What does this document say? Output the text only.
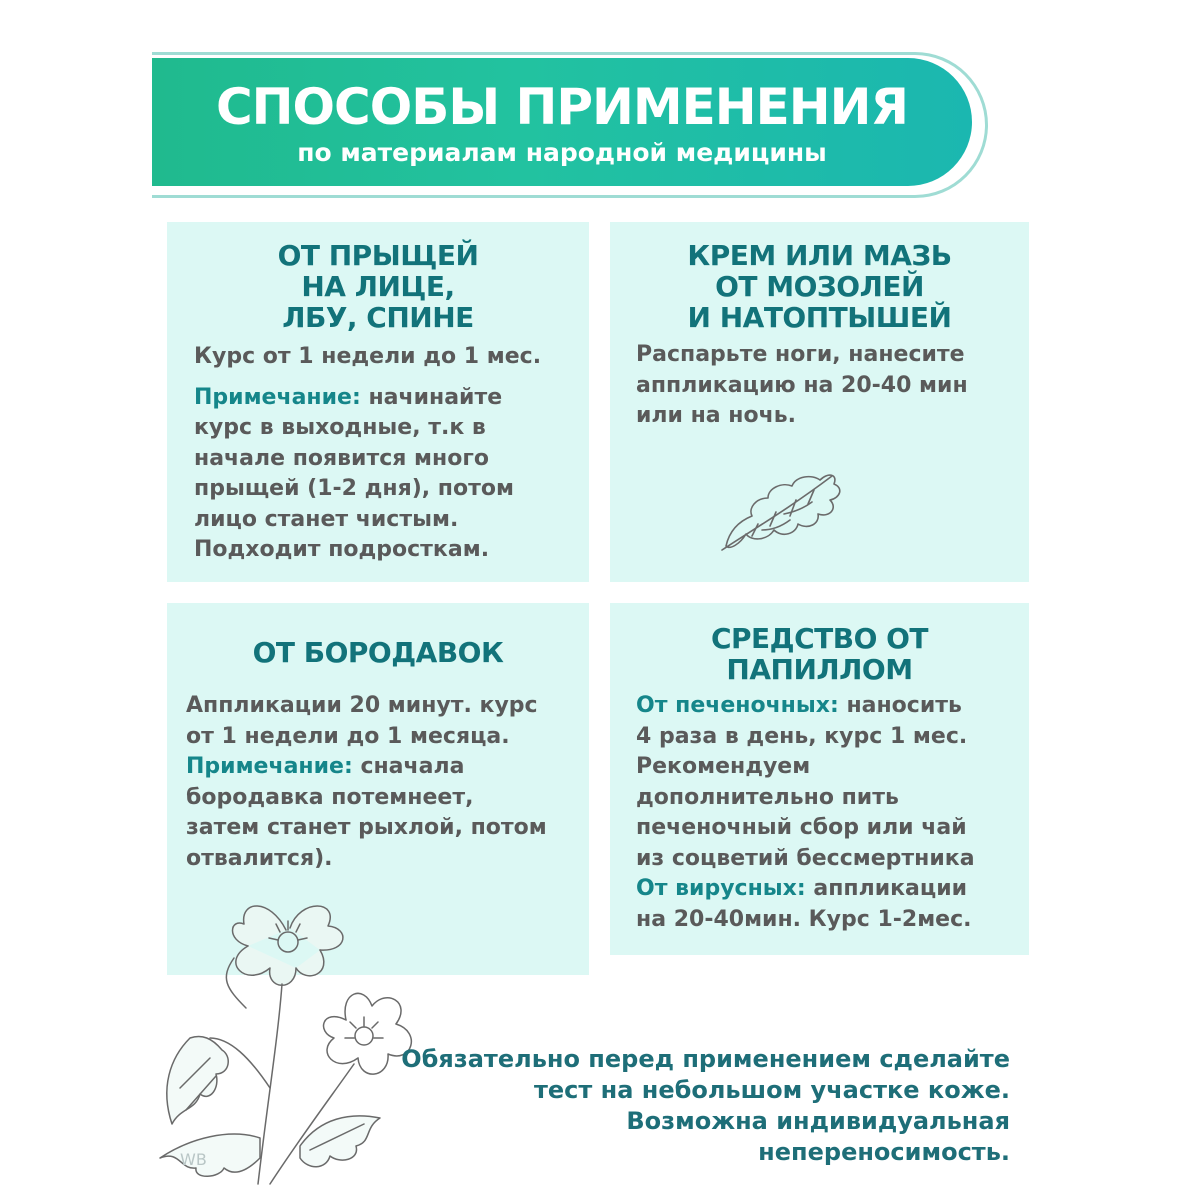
СПОСОБЫ ПРИМЕНЕНИЯ
по материалам народной медицины
ОТ ПРЫЩЕЙ
НА ЛИЦЕ,
ЛБУ, СПИНЕ

Курс от 1 недели до 1 мес.

Примечание: начинайте

курс в выходные, т.к в

начале появится много

прыщей (1-2 дня), потом

лицо станет чистым.

Подходит подросткам.

КРЕМ ИЛИ МАЗЬ
ОТ МОЗОЛЕЙ
И НАТОПТЫШЕЙ

Распарьте ноги, нанесите

аппликацию на 20-40 мин

или на ночь.

ОТ БОРОДАВОК

Аппликации 20 минут. курс

от 1 недели до 1 месяца.

Примечание: сначала

бородавка потемнеет,

затем станет рыхлой, потом

отвалится).

СРЕДСТВО ОТ
ПАПИЛЛОМ

От печеночных: наносить

4 раза в день, курс 1 мес.

Рекомендуем

дополнительно пить

печеночный сбор или чай

из соцветий бессмертника

От вирусных: аппликации

на 20-40мин. Курс 1-2мес.

Обязательно перед применением сделайте
тест на небольшом участке коже.
Возможна индивидуальная непереносимость.
WB
